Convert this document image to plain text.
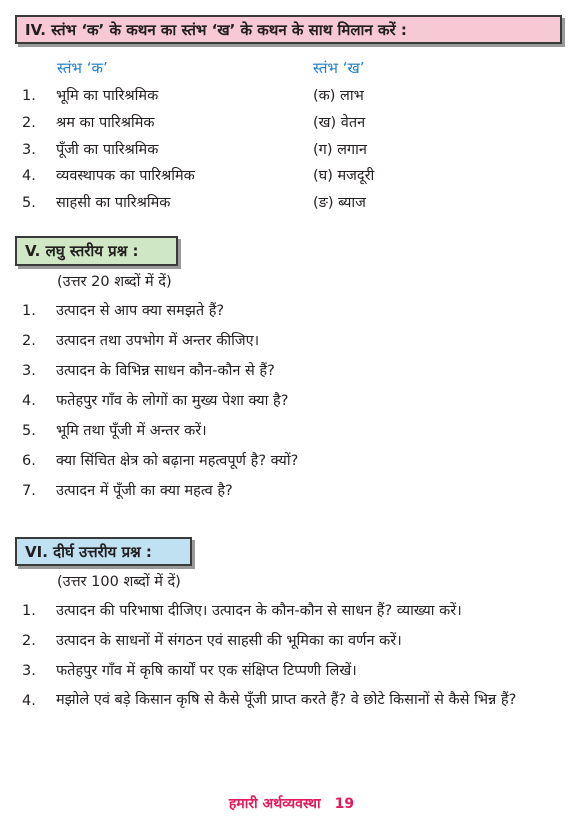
IV. स्तंभ ‘क’ के कथन का स्तंभ ‘ख’ के कथन के साथ मिलान करें :
स्तंभ ‘क’	स्तंभ ‘ख’
1.	भूमि का पारिश्रमिक	(क) लाभ
2.	श्रम का पारिश्रमिक	(ख) वेतन
3.	पूँजी का पारिश्रमिक	(ग) लगान
4.	व्यवस्थापक का पारिश्रमिक	(घ) मजदूरी
5.	साहसी का पारिश्रमिक	(ङ) ब्याज
V. लघु स्तरीय प्रश्न :
(उत्तर 20 शब्दों में दें)
1.	उत्पादन से आप क्या समझते हैं?
2.	उत्पादन तथा उपभोग में अन्तर कीजिए।
3.	उत्पादन के विभिन्न साधन कौन-कौन से हैं?
4.	फतेहपुर गाँव के लोगों का मुख्य पेशा क्या है?
5.	भूमि तथा पूँजी में अन्तर करें।
6.	क्या सिंचित क्षेत्र को बढ़ाना महत्वपूर्ण है? क्यों?
7.	उत्पादन में पूँजी का क्या महत्व है?
VI. दीर्घ उत्तरीय प्रश्न :
(उत्तर 100 शब्दों में दें)
1.	उत्पादन की परिभाषा दीजिए। उत्पादन के कौन-कौन से साधन हैं? व्याख्या करें।
2.	उत्पादन के साधनों में संगठन एवं साहसी की भूमिका का वर्णन करें।
3.	फतेहपुर गाँव में कृषि कार्यों पर एक संक्षिप्त टिप्पणी लिखें।
4.	मझोले एवं बड़े किसान कृषि से कैसे पूँजी प्राप्त करते हैं? वे छोटे किसानों से कैसे भिन्न हैं?
हमारी अर्थव्यवस्था 19
